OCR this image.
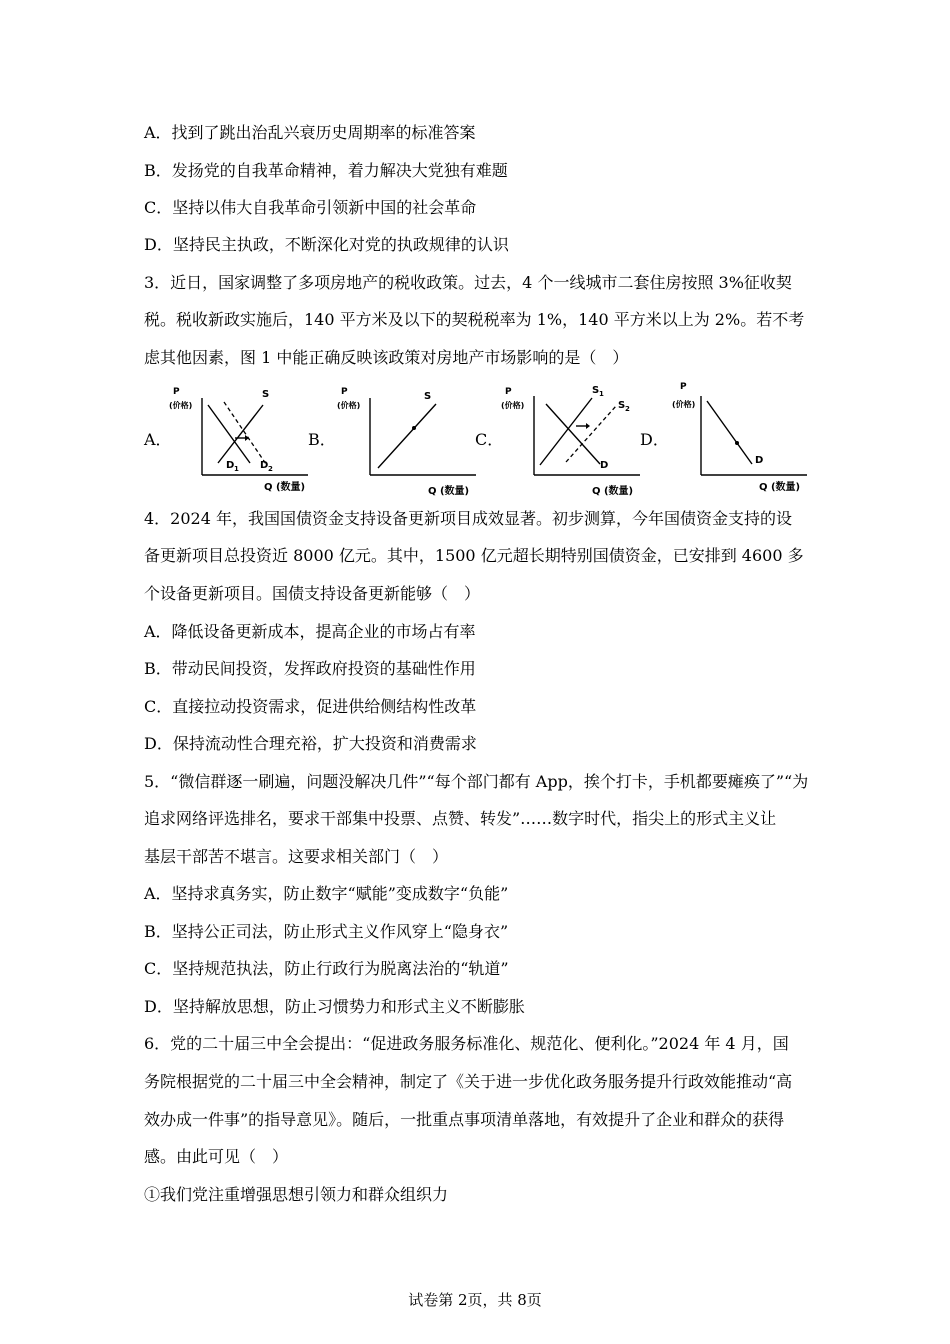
A．找到了跳出治乱兴衰历史周期率的标准答案
B．发扬党的自我革命精神，着力解决大党独有难题
C．坚持以伟大自我革命引领新中国的社会革命
D．坚持民主执政，不断深化对党的执政规律的认识
3．近日，国家调整了多项房地产的税收政策。过去，4 个一线城市二套住房按照 3%征收契
税。税收新政实施后，140 平方米及以下的契税税率为 1%，140 平方米以上为 2%。若不考
虑其他因素，图 1 中能正确反映该政策对房地产市场影响的是（　）
A．	B．	C．	D．
P
(价格)
S
D 1 D 2
Q (数量)
P
(价格)
S
Q (数量)
P
(价格)
S 1
S 2
D
Q (数量)
P
(价格)
D
Q (数量)
4．2024 年，我国国债资金支持设备更新项目成效显著。初步测算，今年国债资金支持的设
备更新项目总投资近 8000 亿元。其中，1500 亿元超长期特别国债资金，已安排到 4600 多
个设备更新项目。国债支持设备更新能够（　）
A．降低设备更新成本，提高企业的市场占有率
B．带动民间投资，发挥政府投资的基础性作用
C．直接拉动投资需求，促进供给侧结构性改革
D．保持流动性合理充裕，扩大投资和消费需求
5．“微信群逐一刷遍，问题没解决几件”“每个部门都有 App，挨个打卡，手机都要瘫痪了”“为
追求网络评选排名，要求干部集中投票、点赞、转发”……数字时代，指尖上的形式主义让
基层干部苦不堪言。这要求相关部门（　）
A．坚持求真务实，防止数字“赋能”变成数字“负能”
B．坚持公正司法，防止形式主义作风穿上“隐身衣”
C．坚持规范执法，防止行政行为脱离法治的“轨道”
D．坚持解放思想，防止习惯势力和形式主义不断膨胀
6．党的二十届三中全会提出：“促进政务服务标准化、规范化、便利化。”2024 年 4 月，国
务院根据党的二十届三中全会精神，制定了《关于进一步优化政务服务提升行政效能推动“高
效办成一件事”的指导意见》。随后，一批重点事项清单落地，有效提升了企业和群众的获得
感。由此可见（　）
①我们党注重增强思想引领力和群众组织力
试卷第 2页，共 8页
